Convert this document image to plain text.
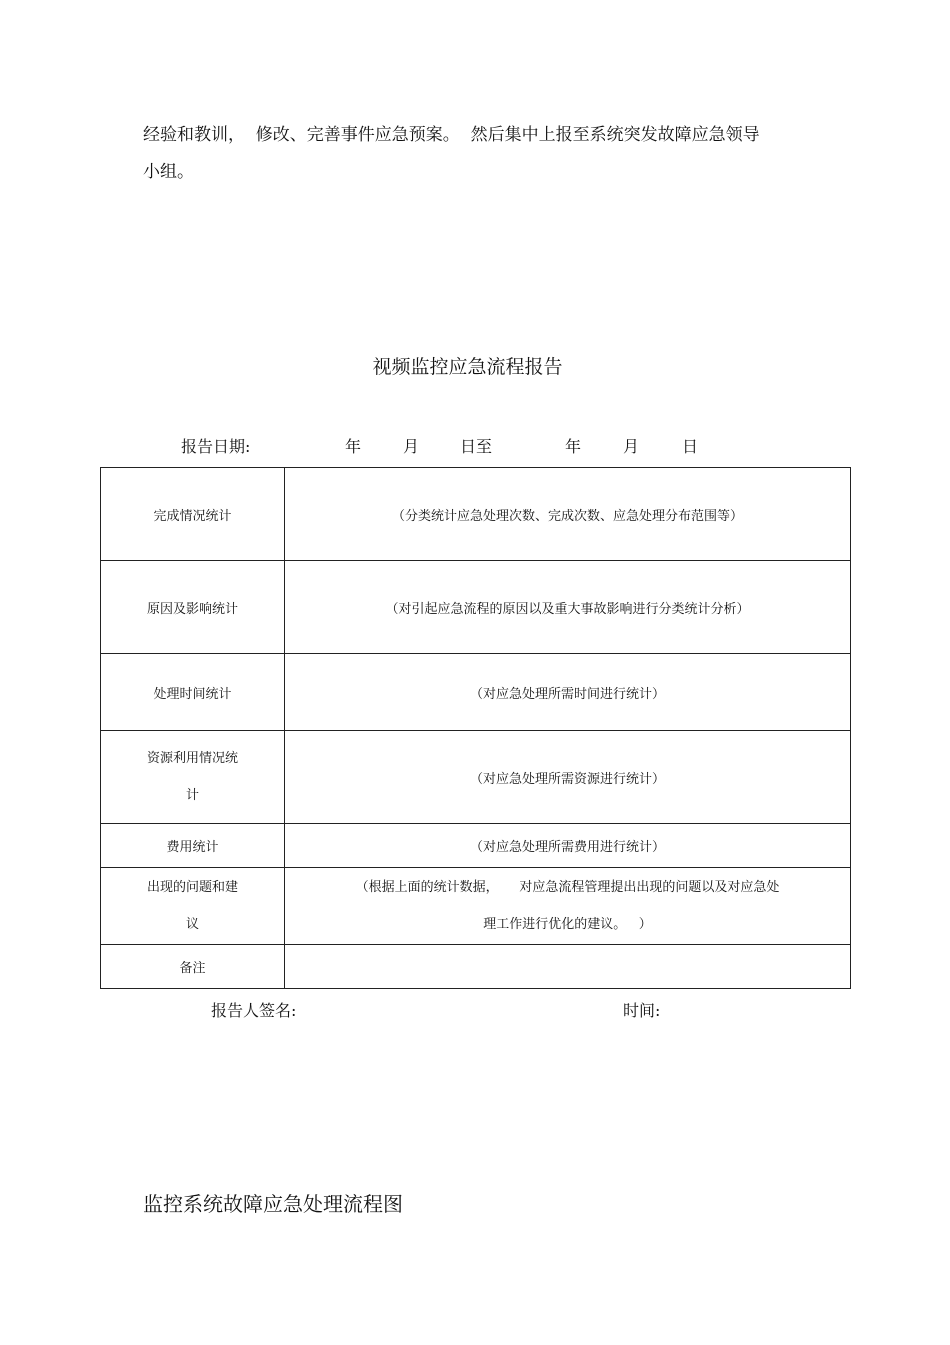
经验和教训，  修改、完善事件应急预案。  然后集中上报至系统突发故障应急领导
小组。
视频监控应急流程报告

报告日期:

	年

	月

	日至

	年

	月

	日

完成情况统计	（分类统计应急处理次数、完成次数、应急处理分布范围等）
原因及影响统计	（对引起应急流程的原因以及重大事故影响进行分类统计分析）
处理时间统计	（对应急处理所需时间进行统计）

资源利用情况统
计	（对应急处理所需资源进行统计）
费用统计	（对应急处理所需费用进行统计）

出现的问题和建
议	（根据上面的统计数据，     对应急流程管理提出出现的问题以及对应急处
理工作进行优化的建议。   ）

备注	
报告人签名:	时间:
监控系统故障应急处理流程图
